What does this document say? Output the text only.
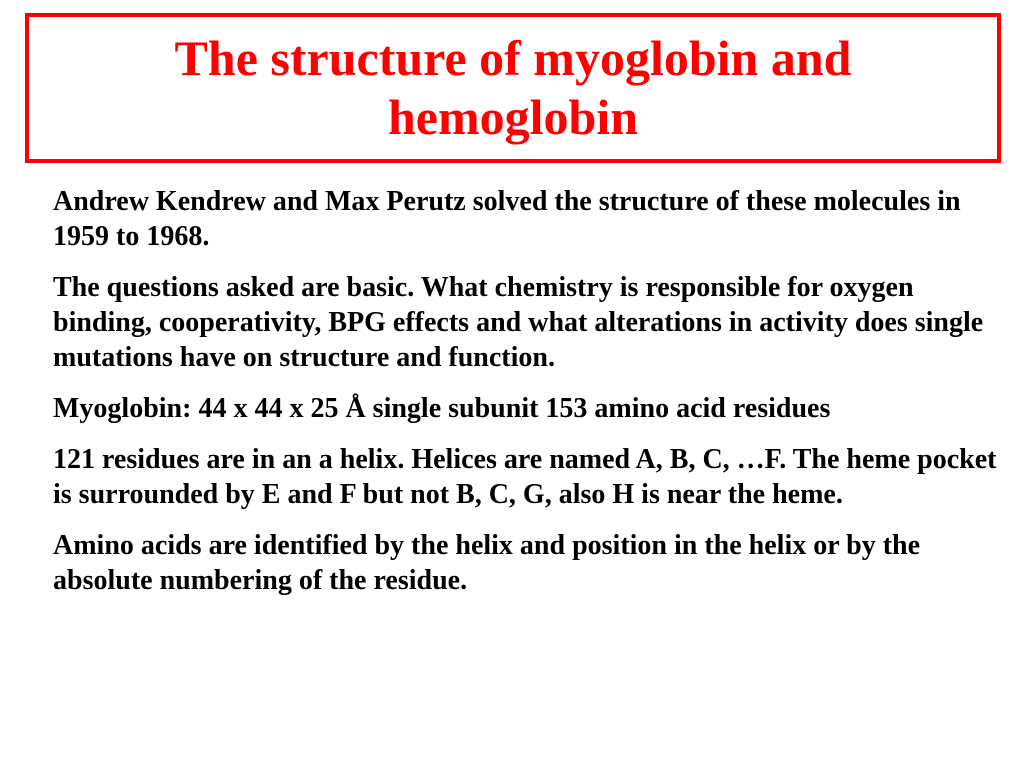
The structure of myoglobin and hemoglobin

Andrew Kendrew and Max Perutz solved the structure of these molecules in 1959 to 1968.

The questions asked are basic. What chemistry is responsible for oxygen binding, cooperativity, BPG effects and what alterations in activity does single mutations have on structure and function.

Myoglobin: 44 x 44 x 25 Å single subunit 153 amino acid residues

121 residues are in an a helix. Helices are named A, B, C, …F. The heme pocket is surrounded by E and F but not B, C, G, also H is near the heme.

Amino acids are identified by the helix and position in the helix or by the absolute numbering of the residue.
